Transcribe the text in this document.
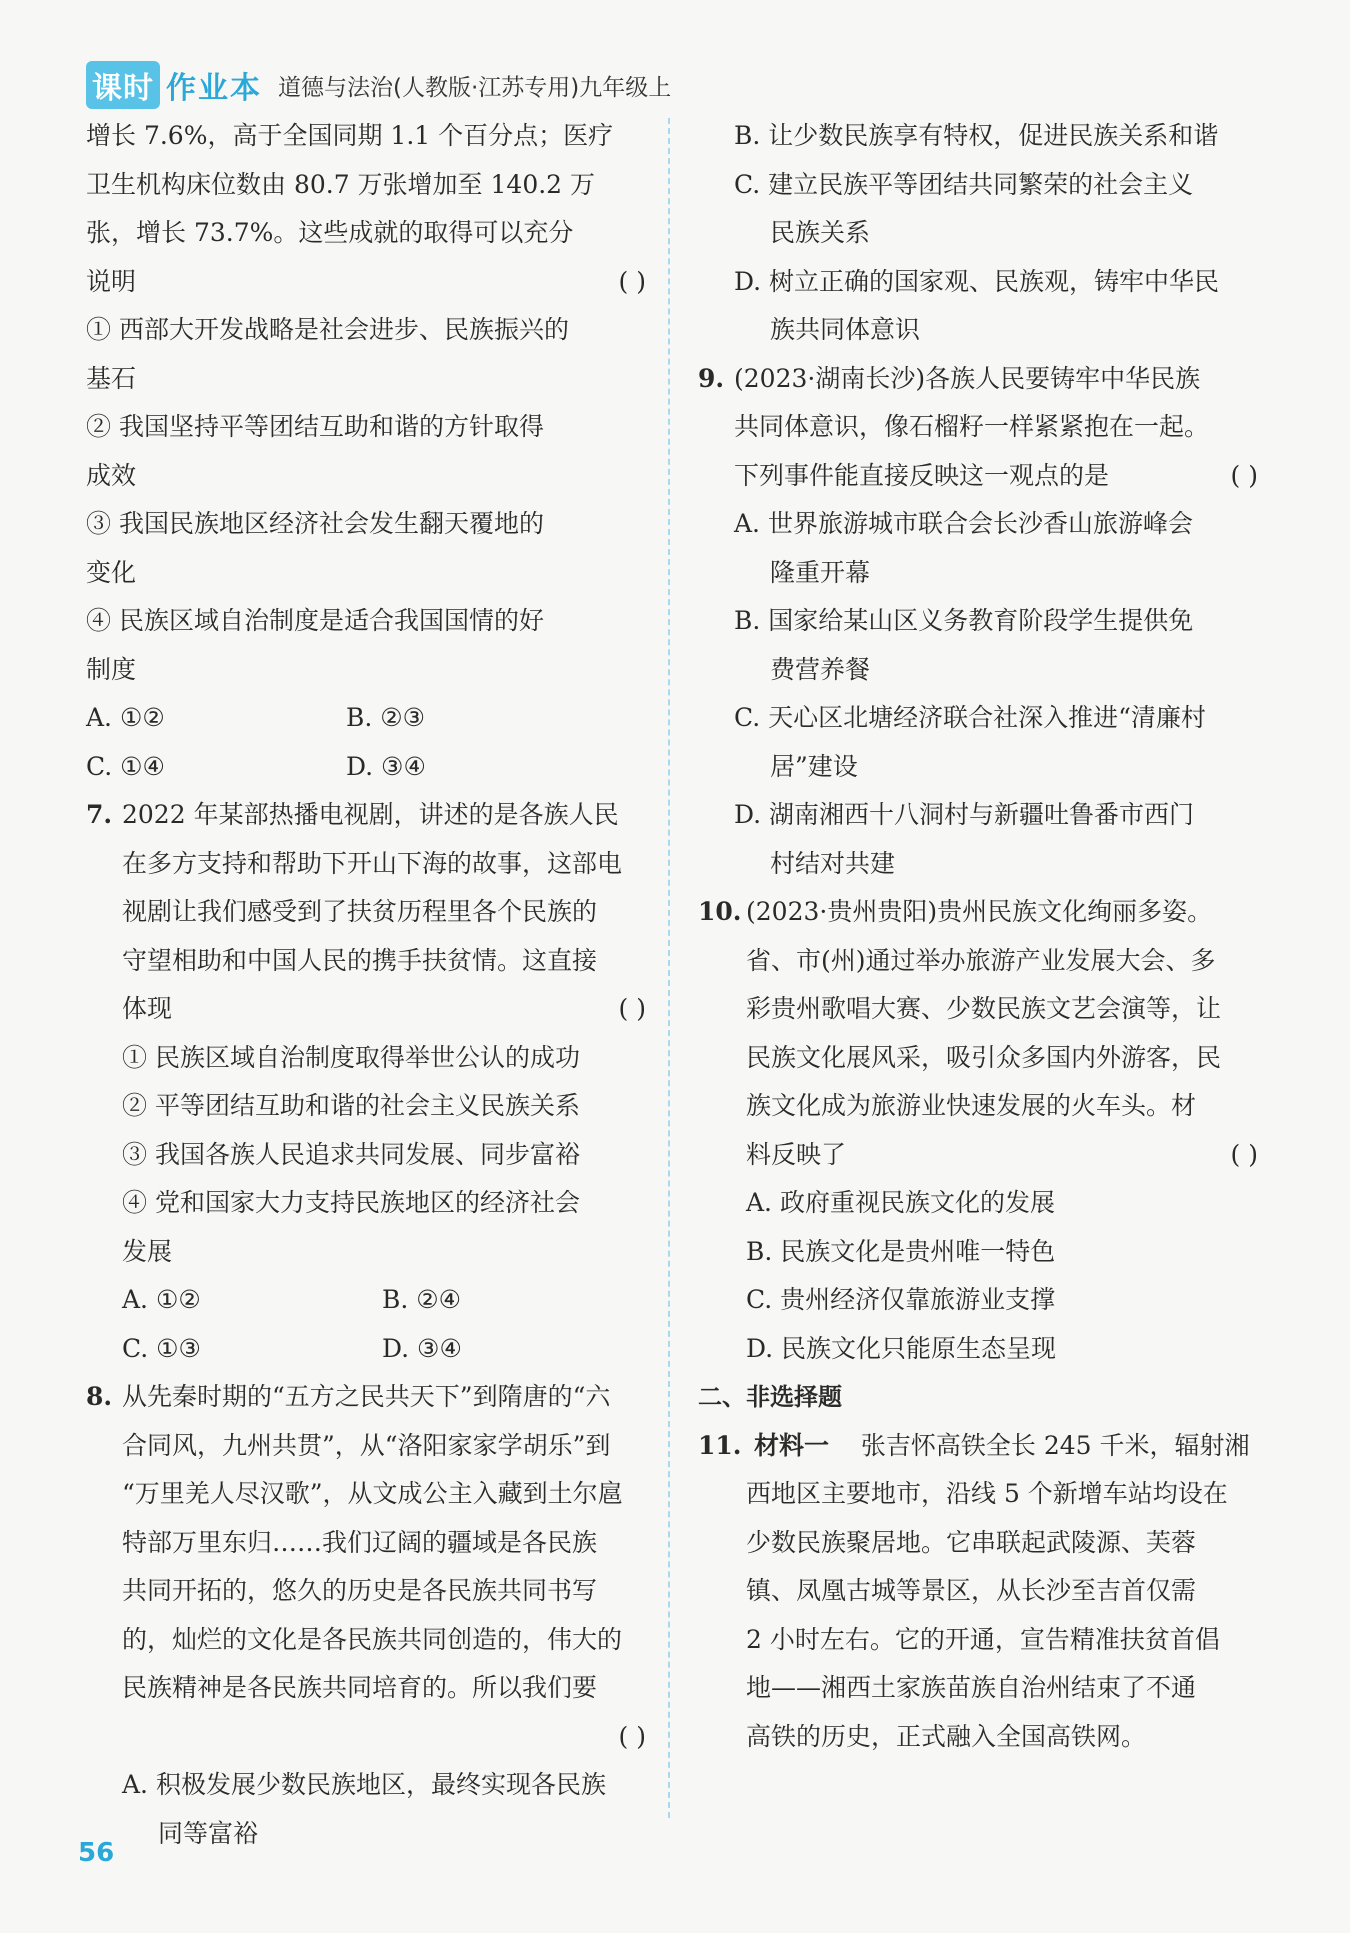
课时 作业本 道德与法治(人教版·江苏专用)九年级上
增长 7.6%，高于全国同期 1.1 个百分点；医疗
卫生机构床位数由 80.7 万张增加至 140.2 万
张，增长 73.7%。这些成就的取得可以充分
说明	( )
① 西部大开发战略是社会进步、民族振兴的
基石
② 我国坚持平等团结互助和谐的方针取得
成效
③ 我国民族地区经济社会发生翻天覆地的
变化
④ 民族区域自治制度是适合我国国情的好
制度
A. ①②	B. ②③
C. ①④	D. ③④
7. 2022 年某部热播电视剧，讲述的是各族人民
在多方支持和帮助下开山下海的故事，这部电
视剧让我们感受到了扶贫历程里各个民族的
守望相助和中国人民的携手扶贫情。这直接
体现	( )
① 民族区域自治制度取得举世公认的成功
② 平等团结互助和谐的社会主义民族关系
③ 我国各族人民追求共同发展、同步富裕
④ 党和国家大力支持民族地区的经济社会
发展
A. ①②	B. ②④
C. ①③	D. ③④
8. 从先秦时期的“五方之民共天下”到隋唐的“六
合同风，九州共贯”，从“洛阳家家学胡乐”到
“万里羌人尽汉歌”，从文成公主入藏到土尔扈
特部万里东归……我们辽阔的疆域是各民族
共同开拓的，悠久的历史是各民族共同书写
的，灿烂的文化是各民族共同创造的，伟大的
民族精神是各民族共同培育的。所以我们要
( )
A. 积极发展少数民族地区，最终实现各民族
同等富裕
B. 让少数民族享有特权，促进民族关系和谐
C. 建立民族平等团结共同繁荣的社会主义
民族关系
D. 树立正确的国家观、民族观，铸牢中华民
族共同体意识
9. (2023·湖南长沙)各族人民要铸牢中华民族
共同体意识，像石榴籽一样紧紧抱在一起。
下列事件能直接反映这一观点的是	( )
A. 世界旅游城市联合会长沙香山旅游峰会
隆重开幕
B. 国家给某山区义务教育阶段学生提供免
费营养餐
C. 天心区北塘经济联合社深入推进“清廉村
居”建设
D. 湖南湘西十八洞村与新疆吐鲁番市西门
村结对共建
10. (2023·贵州贵阳)贵州民族文化绚丽多姿。
省、市(州)通过举办旅游产业发展大会、多
彩贵州歌唱大赛、少数民族文艺会演等，让
民族文化展风采，吸引众多国内外游客，民
族文化成为旅游业快速发展的火车头。材
料反映了	( )
A. 政府重视民族文化的发展
B. 民族文化是贵州唯一特色
C. 贵州经济仅靠旅游业支撑
D. 民族文化只能原生态呈现
二、非选择题
11. 材料一 张吉怀高铁全长 245 千米，辐射湘
西地区主要地市，沿线 5 个新增车站均设在
少数民族聚居地。它串联起武陵源、芙蓉
镇、凤凰古城等景区，从长沙至吉首仅需
2 小时左右。它的开通，宣告精准扶贫首倡
地——湘西土家族苗族自治州结束了不通
高铁的历史，正式融入全国高铁网。
56
